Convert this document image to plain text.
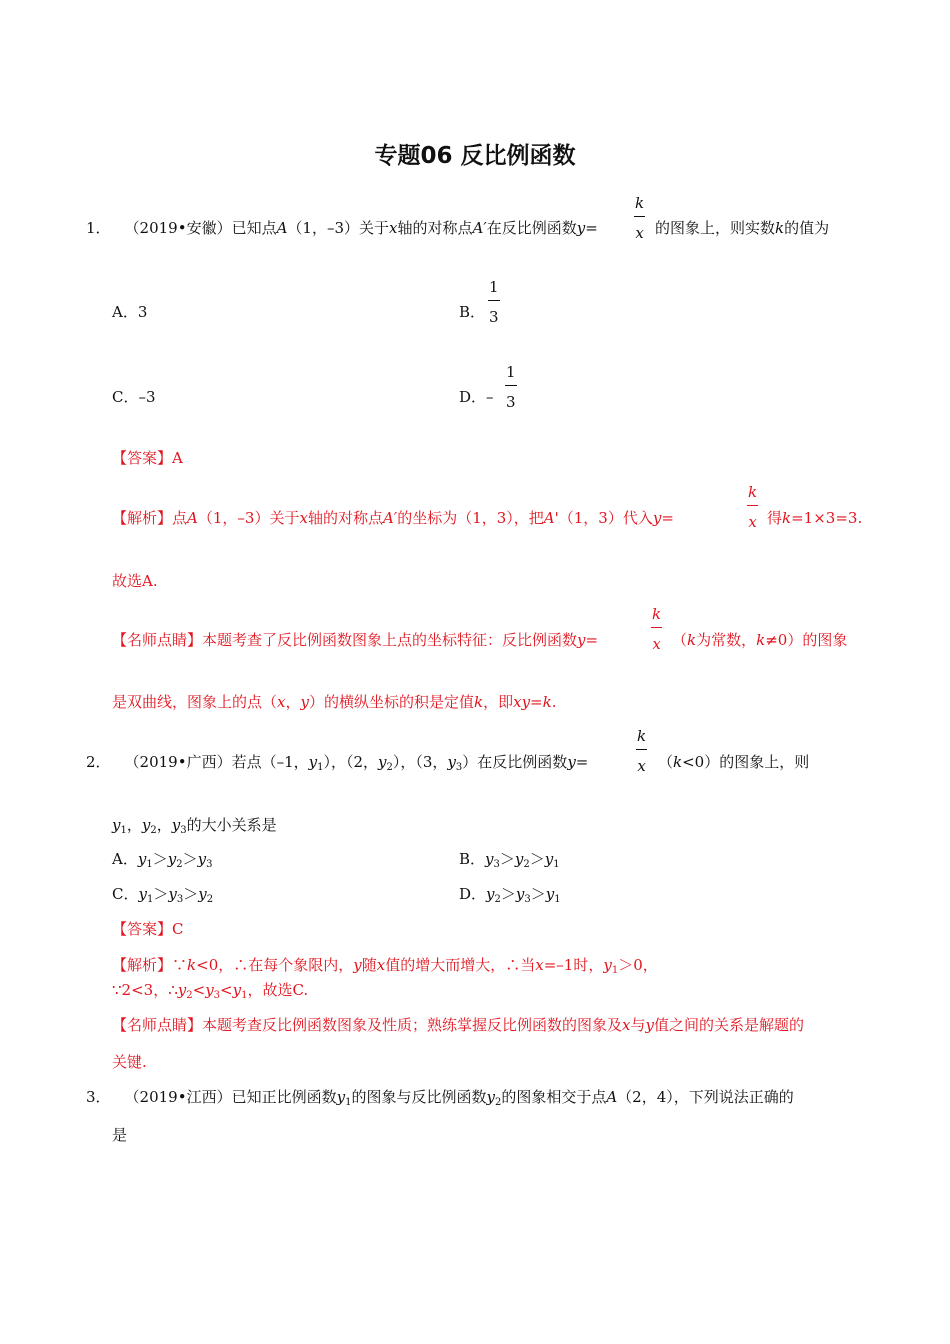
专题06 反比例函数
1． （2019•安徽）已知点A（1，–3）关于x轴的对称点A′在反比例函数$y= \frac{k}{x}$ 的图象上，则实数k的值为
A．3	B． $\frac{1}{3}$
C．–3	D．– $\frac{1}{3}$
【答案】A
【解析】点A（1，–3）关于x轴的对称点A′的坐标为（1，3），把A'（1，3）代入y=	$\frac{k}{x}$ 得k=1×3=3.
故选A.
【名师点睛】本题考查了反比例函数图象上点的坐标特征：反比例函数y=	$\frac{k}{x} (k$为常数，k≠0）的图象
是双曲线，图象上的点（x，y）的横纵坐标的积是定值k，即xy=k.
2． （2019•广西）若点（–1，$y_1$），（2，$y_2$），（3，$y_3$）在反比例函数y=	$\frac{k}{x} (k<0)$的图象上，则
$y_1$，$y_2$，$y_3$的大小关系是
A．$y_1>y_2>y_3$	B．$y_3>y_2>y_1$
C．$y_1>y_3>y_2$	D．$y_2>y_3>y_1$
【答案】C
【解析】∵k<0，∴在每个象限内，y随x值的增大而增大，∴当x=–1时，$y_1>0$，
∵2<3，$\therefore y_2<y_3<y_1$，故选C.
【名师点睛】本题考查反比例函数图象及性质；熟练掌握反比例函数的图象及x与y值之间的关系是解题的
关键.
3． （2019•江西）已知正比例函数$y_1$的图象与反比例函数$y_2$的图象相交于点A（2，4），下列说法正确的
是
